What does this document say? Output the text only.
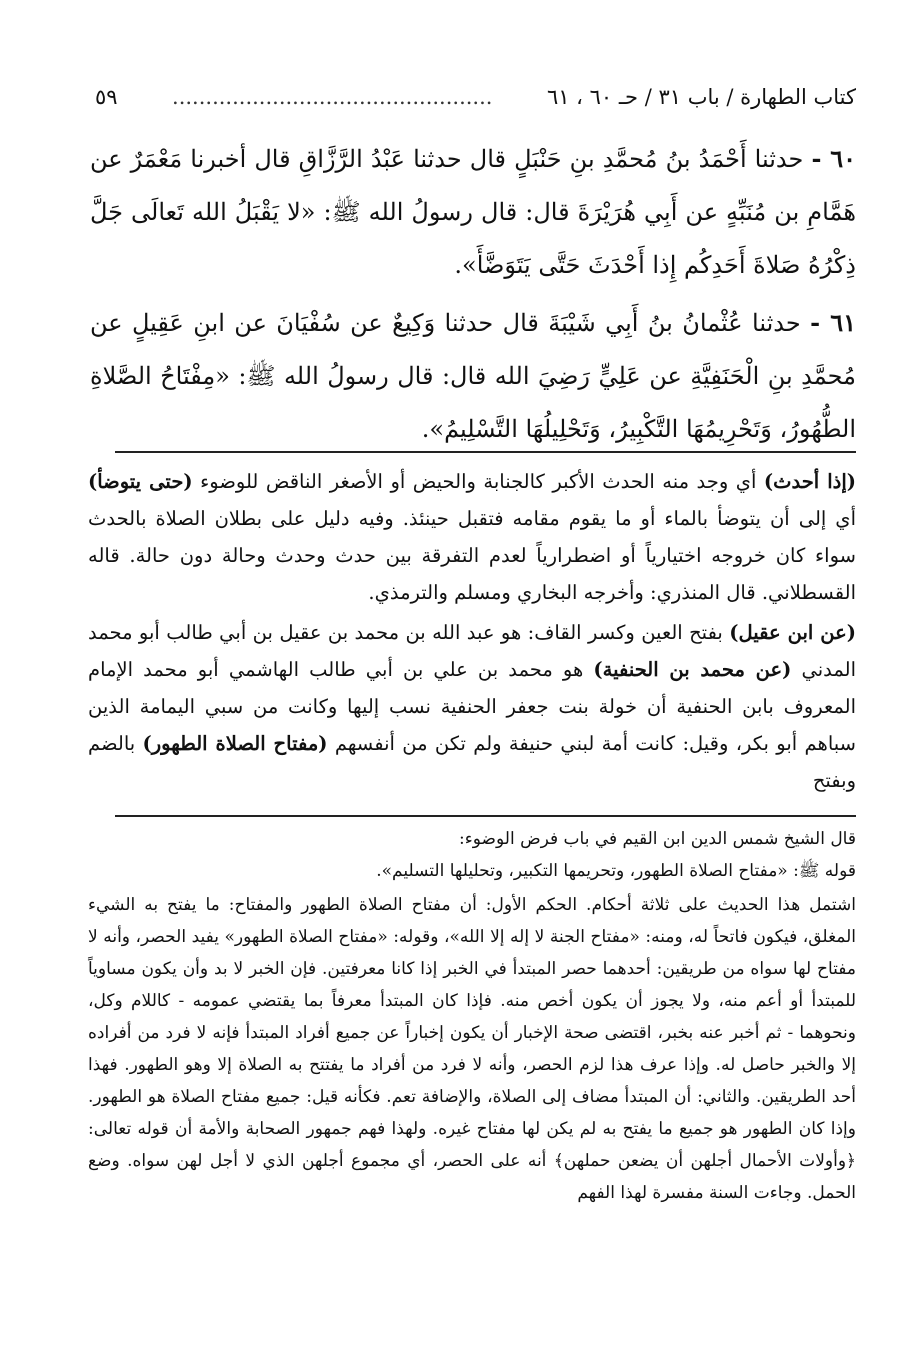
كتاب الطهارة / باب ٣١ / حـ ٦٠ ، ٦١
................................................
٥٩

٦٠ - حدثنا أَحْمَدُ بنُ مُحمَّدِ بنِ حَنْبَلٍ قال حدثنا عَبْدُ الرَّزَّاقِ قال أخبرنا مَعْمَرٌ عن هَمَّامِ بن مُنَبِّهٍ عن أَبِي هُرَيْرَةَ قال: قال رسولُ الله ﷺ: «لا يَقْبَلُ الله تَعالَى جَلَّ ذِكْرُهُ صَلاةَ أَحَدِكُم إِذا أَحْدَثَ حَتَّى يَتَوَضَّأَ».

٦١ - حدثنا عُثْمانُ بنُ أَبِي شَيْبَةَ قال حدثنا وَكِيعٌ عن سُفْيَانَ عن ابنِ عَقِيلٍ عن مُحمَّدِ بنِ الْحَنَفِيَّةِ عن عَلِيٍّ رَضِيَ الله قال: قال رسولُ الله ﷺ: «مِفْتَاحُ الصَّلاةِ الطُّهُورُ، وَتَحْرِيمُهَا التَّكْبِيرُ، وَتَحْلِيلُهَا التَّسْلِيمُ».

(إذا أحدث) أي وجد منه الحدث الأكبر كالجنابة والحيض أو الأصغر الناقض للوضوء (حتى يتوضأ) أي إلى أن يتوضأ بالماء أو ما يقوم مقامه فتقبل حينئذ. وفيه دليل على بطلان الصلاة بالحدث سواء كان خروجه اختيارياً أو اضطرارياً لعدم التفرقة بين حدث وحدث وحالة دون حالة. قاله القسطلاني. قال المنذري: وأخرجه البخاري ومسلم والترمذي.

(عن ابن عقيل) بفتح العين وكسر القاف: هو عبد الله بن محمد بن عقيل بن أبي طالب أبو محمد المدني (عن محمد بن الحنفية) هو محمد بن علي بن أبي طالب الهاشمي أبو محمد الإمام المعروف بابن الحنفية أن خولة بنت جعفر الحنفية نسب إليها وكانت من سبي اليمامة الذين سباهم أبو بكر، وقيل: كانت أمة لبني حنيفة ولم تكن من أنفسهم (مفتاح الصلاة الطهور) بالضم وبفتح

قال الشيخ شمس الدين ابن القيم في باب فرض الوضوء:

قوله ﷺ: «مفتاح الصلاة الطهور، وتحريمها التكبير، وتحليلها التسليم».

اشتمل هذا الحديث على ثلاثة أحكام. الحكم الأول: أن مفتاح الصلاة الطهور والمفتاح: ما يفتح به الشيء المغلق، فيكون فاتحاً له، ومنه: «مفتاح الجنة لا إله إلا الله»، وقوله: «مفتاح الصلاة الطهور» يفيد الحصر، وأنه لا مفتاح لها سواه من طريقين: أحدهما حصر المبتدأ في الخبر إذا كانا معرفتين. فإن الخبر لا بد وأن يكون مساوياً للمبتدأ أو أعم منه، ولا يجوز أن يكون أخص منه. فإذا كان المبتدأ معرفاً بما يقتضي عمومه - كاللام وكل، ونحوهما - ثم أخبر عنه بخبر، اقتضى صحة الإخبار أن يكون إخباراً عن جميع أفراد المبتدأ فإنه لا فرد من أفراده إلا والخبر حاصل له. وإذا عرف هذا لزم الحصر، وأنه لا فرد من أفراد ما يفتتح به الصلاة إلا وهو الطهور. فهذا أحد الطريقين. والثاني: أن المبتدأ مضاف إلى الصلاة، والإضافة تعم. فكأنه قيل: جميع مفتاح الصلاة هو الطهور. وإذا كان الطهور هو جميع ما يفتح به لم يكن لها مفتاح غيره. ولهذا فهم جمهور الصحابة والأمة أن قوله تعالى: ﴿وأولات الأحمال أجلهن أن يضعن حملهن﴾ أنه على الحصر، أي مجموع أجلهن الذي لا أجل لهن سواه. وضع الحمل. وجاءت السنة مفسرة لهذا الفهم
